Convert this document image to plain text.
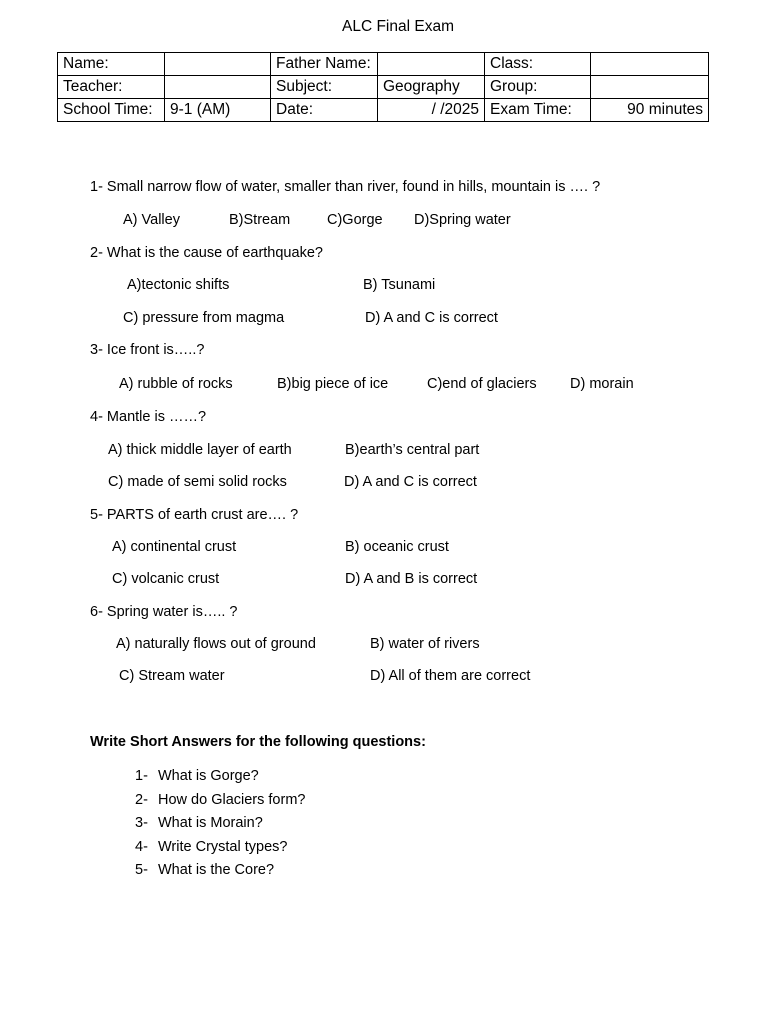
ALC Final Exam
Name:		Father Name:		Class:	
Teacher:		Subject:	Geography	Group:	
School Time:	9-1 (AM)	Date:	/ /2025	Exam Time:	90 minutes
1- Small narrow flow of water, smaller than river, found in hills, mountain is …. ?
A) Valley	B)Stream	C)Gorge D)Spring water
2- What is the cause of earthquake?
A)tectonic shifts	B) Tsunami
C) pressure from magma	D) A and C is correct
3- Ice front is…..?
A) rubble of rocks	B)big piece of ice	C)end of glaciers D) morain
4- Mantle is ……?
A) thick middle layer of earth	B)earth’s central part
C) made of semi solid rocks	D) A and C is correct
5- PARTS of earth crust are…. ?
A) continental crust	B) oceanic crust
C) volcanic crust	D) A and B is correct
6- Spring water is….. ?
A) naturally flows out of ground	B) water of rivers
C) Stream water	D) All of them are correct
Write Short Answers for the following questions:
1- What is Gorge?
2- How do Glaciers form?
3- What is Morain?
4- Write Crystal types?
5- What is the Core?
